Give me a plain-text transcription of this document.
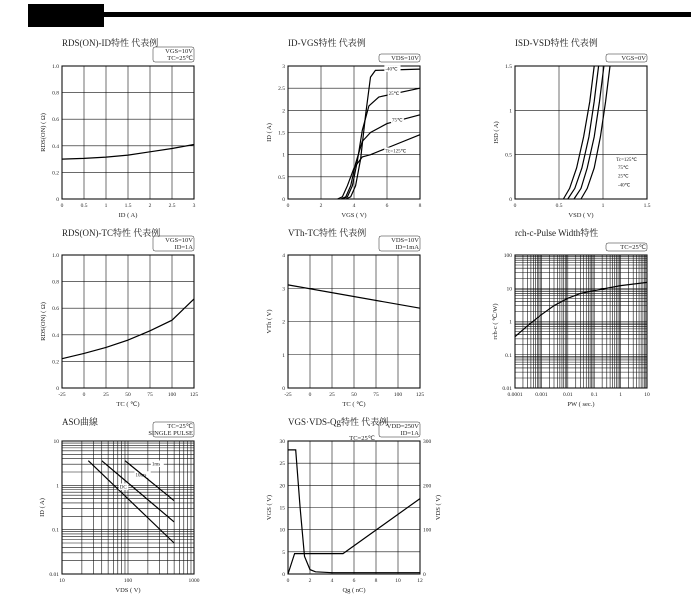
0	0.5	1	1.5	2	2.5	3
0
0.2
0.4
0.6
0.8
1.0
ID ( A)
RDS(ON) ( Ω)
RDS(ON)-ID特性 代表例
VGS=10V
TC=25℃
0	2	4	6	8
0
0.5
1
1.5
2
2.5
3
VGS ( V)
ID ( A)
ID-VGS特性 代表例
VDS=10V
-40℃
25℃
75℃
Tc=125℃
0	0.5	1	1.5
0
0.5
1
1.5
VSD ( V)
ISD ( A)
ISD-VSD特性 代表例
VGS=0V
Tc=125℃
75℃
25℃
-40℃
-25	0	25	50	75	100	125
0
0.2
0.4
0.6
0.8
1.0
TC ( ℃)
RDS(ON) ( Ω)
RDS(ON)-TC特性 代表例
VGS=10V
ID=1A
-25	0	25	50	75	100	125
0
1
2
3
4
TC ( ℃)
VTh ( V)
VTh-TC特性 代表例
VDS=10V
ID=1mA
0.0001 0.001	0.01	0.1	1	10
0.01
0.1
1
10
100
PW ( sec.)
rch-c ( ℃/W)
rch-c-Pulse Width特性
TC=25℃
10	100	1000
0.01
0.1
1
10
VDS ( V)
ID ( A)
ASO曲線	TC=25℃
SINGLE PULSE
DC
10ms
1ms
0	2	4	6	8	10	12
0
5
10
15
20
25
30
0
100
200
300
VDS ( V)
Qg ( nC)
VGS ( V)
VGS·VDS-Qg特性 代表例
VDD=250V
ID=1A
TC=25℃
